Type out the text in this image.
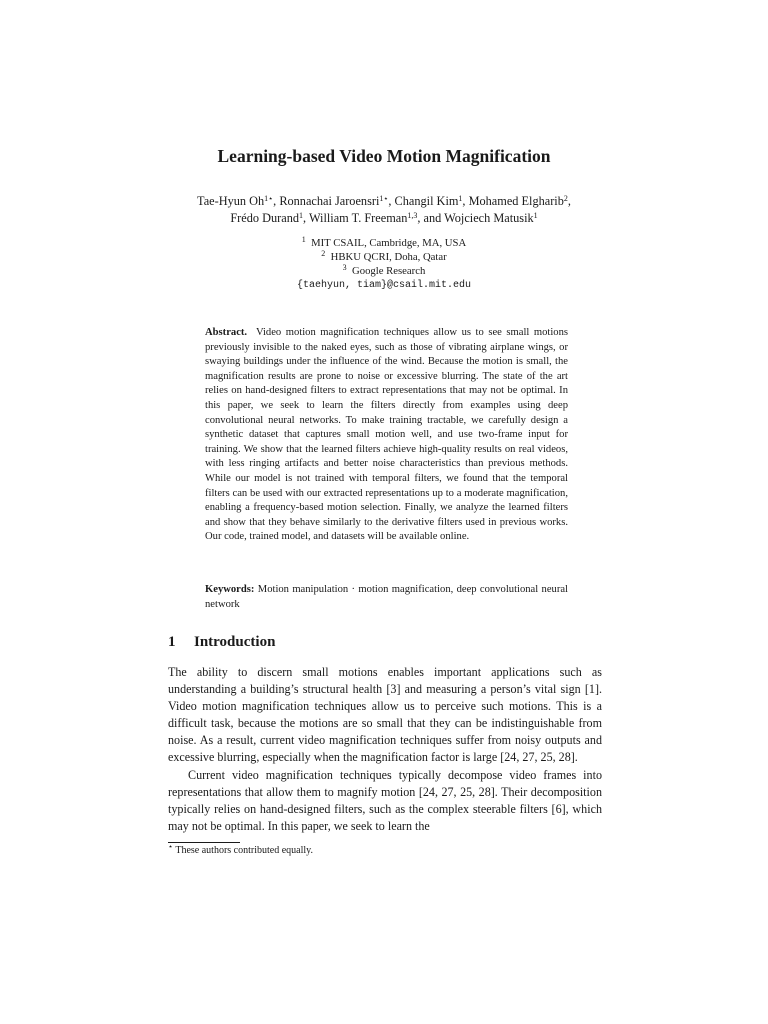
Learning-based Video Motion Magnification
Tae-Hyun $Oh^{1⋆}$, Ronnachai Jaroensri$^{1⋆}$, Changil Kim$^1$, Mohamed Elgharib$^2$,
Frédo Durand$^1$, William T. Freeman$^{1,3}$, and Wojciech Matusik$^1$
$^1$ MIT CSAIL, Cambridge, MA, USA
$^2$ HBKU QCRI, Doha, Qatar
$^3$ Google Research
{taehyun, tiam}@csail.mit.edu

Abstract. Video motion magnification techniques allow us to see small motions previously invisible to the naked eyes, such as those of vibrating airplane wings, or swaying buildings under the influence of the wind. Because the motion is small, the magnification results are prone to noise or excessive blurring. The state of the art relies on hand-designed filters to extract representations that may not be optimal. In this paper, we seek to learn the filters directly from examples using deep convolutional neural networks. To make training tractable, we carefully design a synthetic dataset that captures small motion well, and use two-frame input for training. We show that the learned filters achieve high-quality results on real videos, with less ringing artifacts and better noise characteristics than previous methods. While our model is not trained with temporal filters, we found that the temporal filters can be used with our extracted representations up to a moderate magnification, enabling a frequency-based motion selection. Finally, we analyze the learned filters and show that they behave similarly to the derivative filters used in previous works. Our code, trained model, and datasets will be available online.

Keywords: Motion manipulation · motion magnification, deep convolutional neural network

1 Introduction

The ability to discern small motions enables important applications such as understanding a building’s structural health [3] and measuring a person’s vital sign [1]. Video motion magnification techniques allow us to perceive such motions. This is a difficult task, because the motions are so small that they can be indistinguishable from noise. As a result, current video magnification techniques suffer from noisy outputs and excessive blurring, especially when the magnification factor is large [24, 27, 25, 28].

Current video magnification techniques typically decompose video frames into representations that allow them to magnify motion [24, 27, 25, 28]. Their decomposition typically relies on hand-designed filters, such as the complex steerable filters [6], which may not be optimal. In this paper, we seek to learn the

⋆ These authors contributed equally.
